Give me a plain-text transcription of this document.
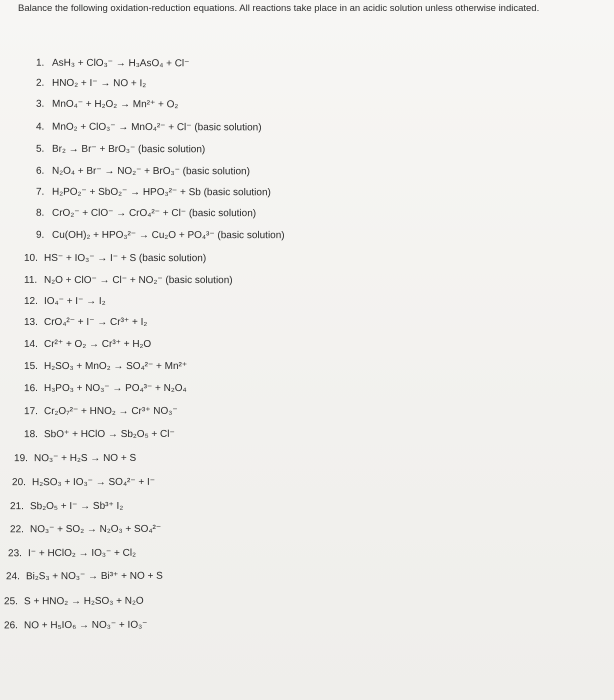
Balance the following oxidation-reduction equations. All reactions take place in an acidic solution unless otherwise indicated.
1. AsH₃ + ClO₃⁻ → H₃AsO₄ + Cl⁻
2. HNO₂ + I⁻ → NO + I₂
3. MnO₄⁻ + H₂O₂ → Mn²⁺ + O₂
4. MnO₂ + ClO₃⁻ → MnO₄²⁻ + Cl⁻ (basic solution)
5. Br₂ → Br⁻ + BrO₃⁻ (basic solution)
6. N₂O₄ + Br⁻ → NO₂⁻ + BrO₃⁻ (basic solution)
7. H₂PO₂⁻ + SbO₂⁻ → HPO₃²⁻ + Sb (basic solution)
8. CrO₂⁻ + ClO⁻ → CrO₄²⁻ + Cl⁻ (basic solution)
9. Cu(OH)₂ + HPO₃²⁻ → Cu₂O + PO₄³⁻ (basic solution)
10. HS⁻ + IO₃⁻ → I⁻ + S (basic solution)
11. N₂O + ClO⁻ → Cl⁻ + NO₂⁻ (basic solution)
12. IO₄⁻ + I⁻ → I₂
13. CrO₄²⁻ + I⁻ → Cr³⁺ + I₂
14. Cr²⁺ + O₂ → Cr³⁺ + H₂O
15. H₂SO₃ + MnO₂ → SO₄²⁻ + Mn²⁺
16. H₃PO₃ + NO₃⁻ → PO₄³⁻ + N₂O₄
17. Cr₂O₇²⁻ + HNO₂ → Cr³⁺ NO₃⁻
18. SbO⁺ + HClO → Sb₂O₅ + Cl⁻
19. NO₃⁻ + H₂S → NO + S
20. H₂SO₃ + IO₃⁻ → SO₄²⁻ + I⁻
21. Sb₂O₅ + I⁻ → Sb³⁺ I₂
22. NO₃⁻ + SO₂ → N₂O₃ + SO₄²⁻
23. I⁻ + HClO₂ → IO₃⁻ + Cl₂
24. Bi₂S₃ + NO₃⁻ → Bi³⁺ + NO + S
25. S + HNO₂ → H₂SO₃ + N₂O
26. NO + H₅IO₆ → NO₃⁻ + IO₃⁻
